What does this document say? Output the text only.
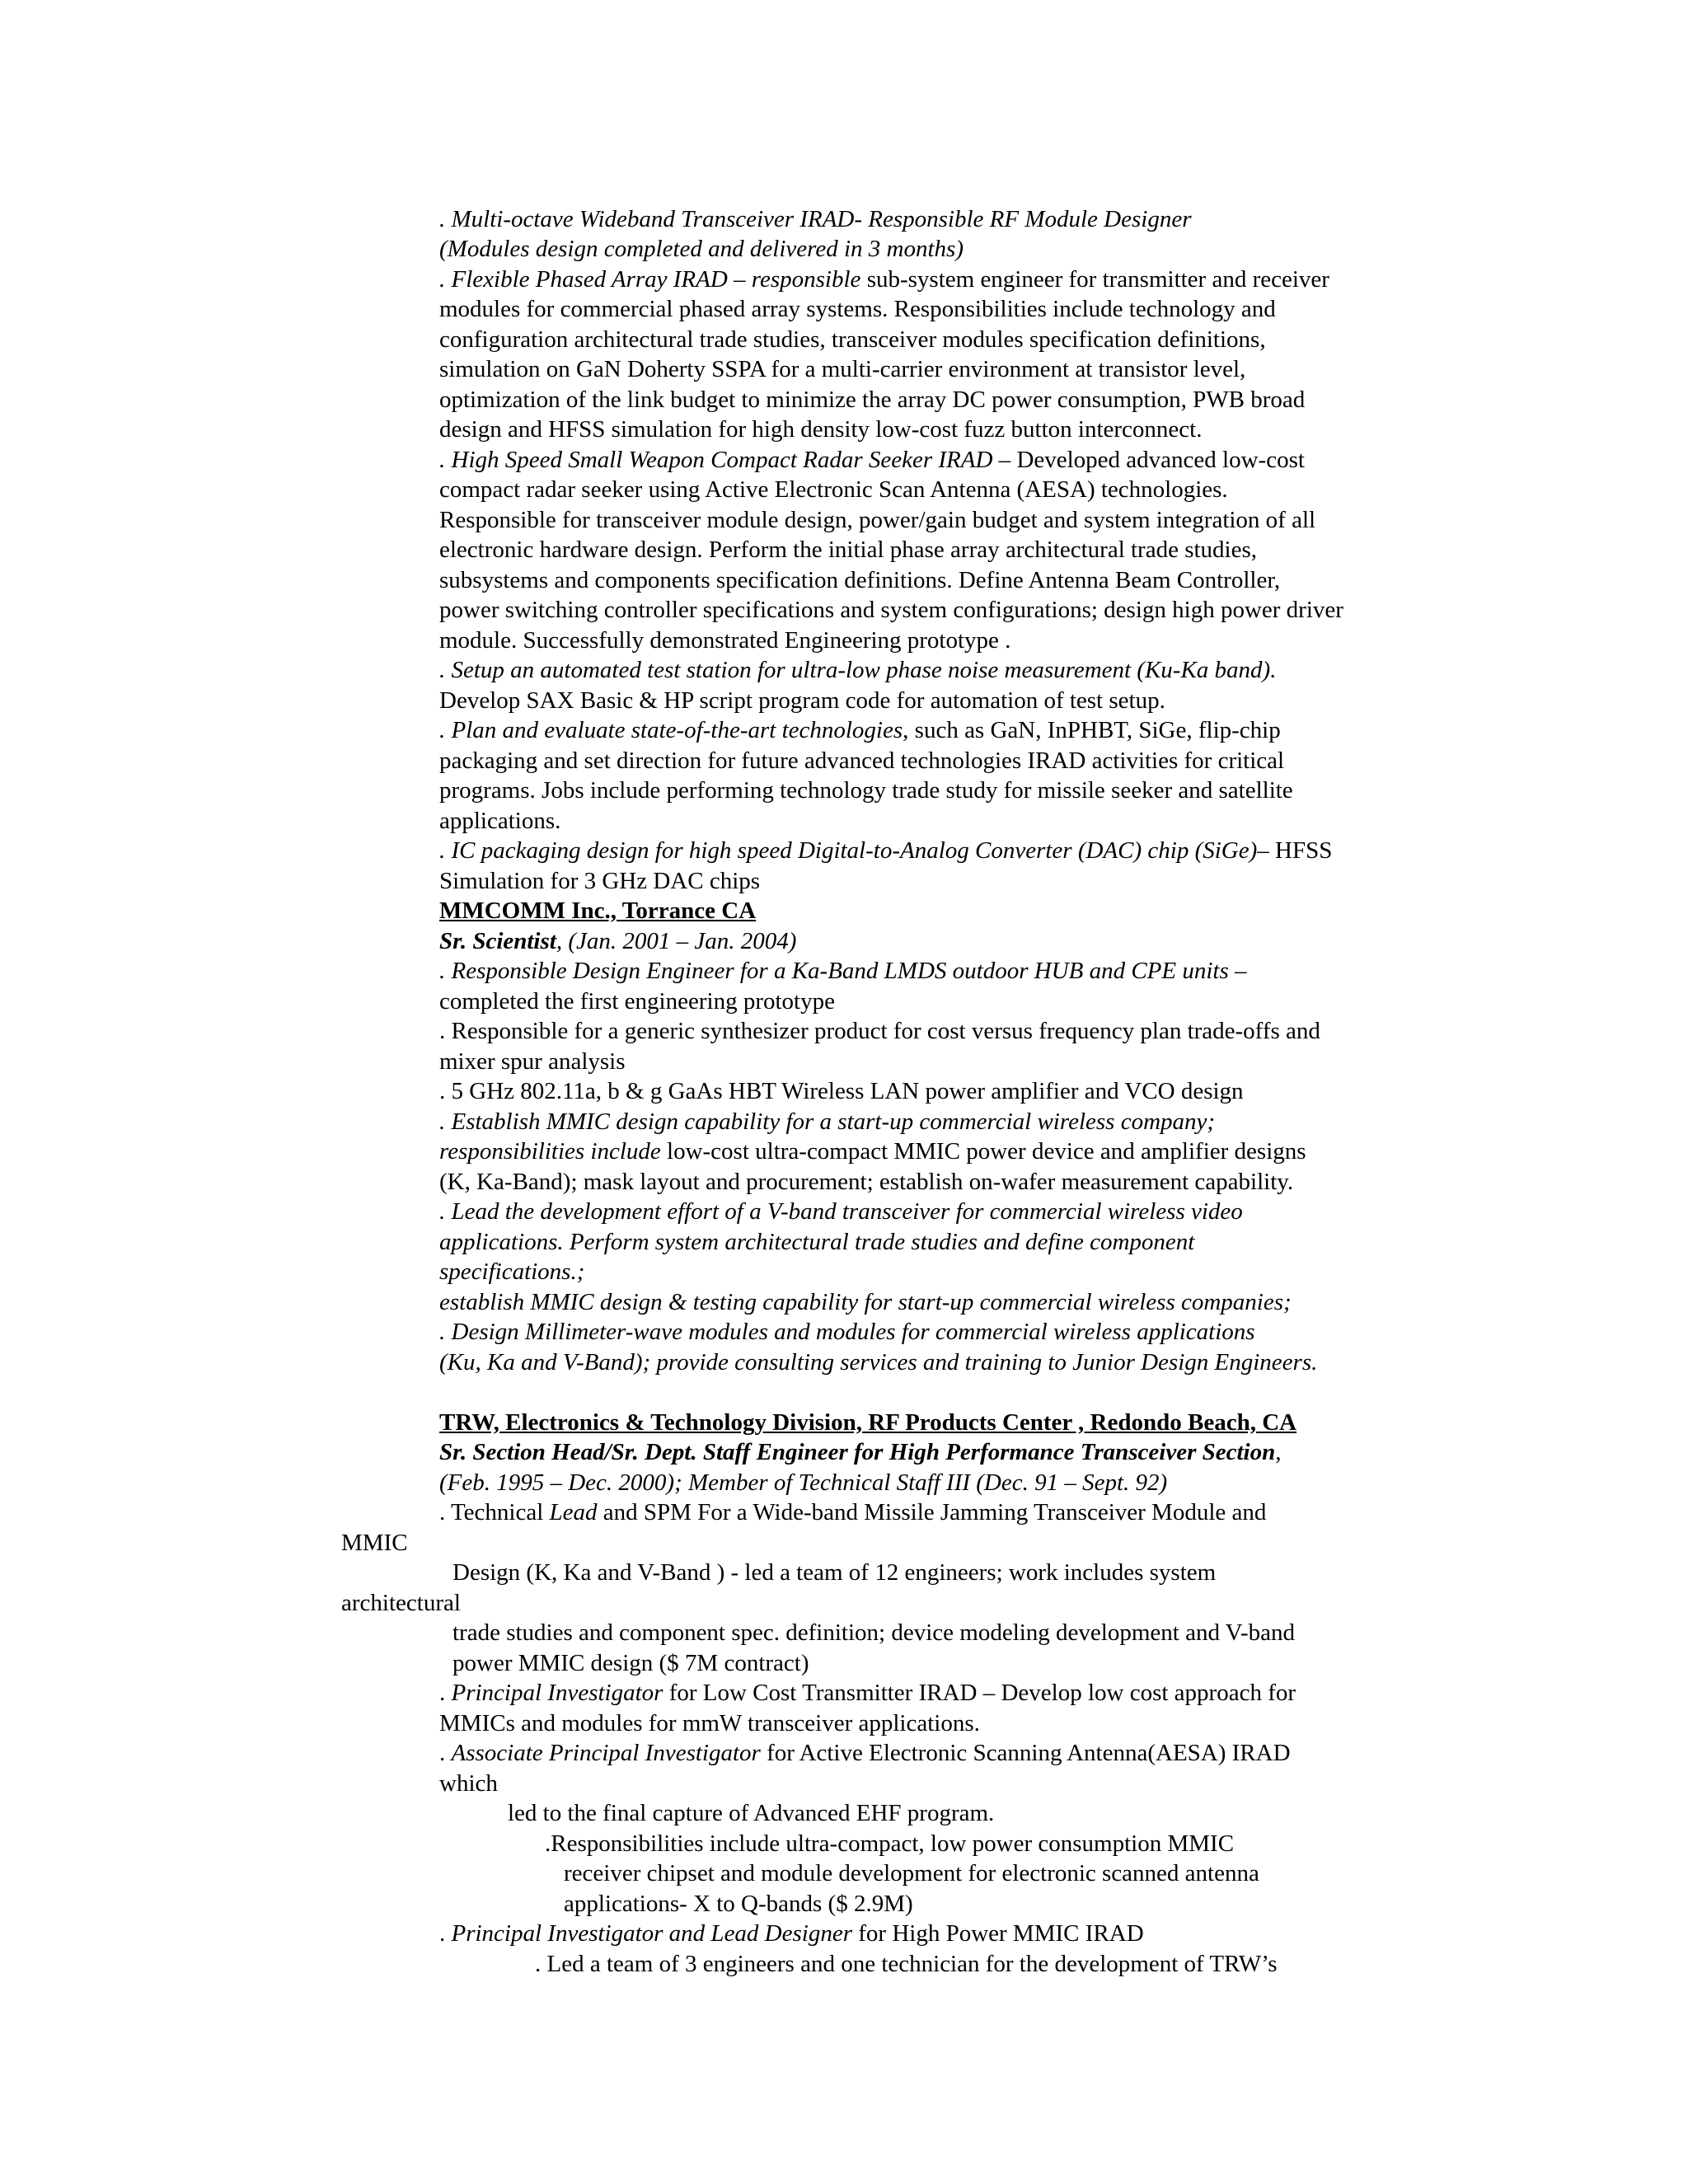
. Multi-octave Wideband Transceiver IRAD- Responsible RF Module Designer
(Modules design completed and delivered in 3 months)
. Flexible Phased Array IRAD – responsible sub-system engineer for transmitter and receiver
modules for commercial phased array systems. Responsibilities include technology and
configuration architectural trade studies, transceiver modules specification definitions,
simulation on GaN Doherty SSPA for a multi-carrier environment at transistor level,
optimization of the link budget to minimize the array DC power consumption, PWB broad
design and HFSS simulation for high density low-cost fuzz button interconnect.
. High Speed Small Weapon Compact Radar Seeker IRAD – Developed advanced low-cost
compact radar seeker using Active Electronic Scan Antenna (AESA) technologies.
Responsible for transceiver module design, power/gain budget and system integration of all
electronic hardware design. Perform the initial phase array architectural trade studies,
subsystems and components specification definitions. Define Antenna Beam Controller,
power switching controller specifications and system configurations; design high power driver
module. Successfully demonstrated Engineering prototype .
. Setup an automated test station for ultra-low phase noise measurement (Ku-Ka band).
Develop SAX Basic & HP script program code for automation of test setup.
. Plan and evaluate state-of-the-art technologies, such as GaN, InPHBT, SiGe, flip-chip
packaging and set direction for future advanced technologies IRAD activities for critical
programs. Jobs include performing technology trade study for missile seeker and satellite
applications.
. IC packaging design for high speed Digital-to-Analog Converter (DAC) chip (SiGe)– HFSS
Simulation for 3 GHz DAC chips
MMCOMM Inc., Torrance CA
Sr. Scientist, (Jan. 2001 – Jan. 2004)
. Responsible Design Engineer for a Ka-Band LMDS outdoor HUB and CPE units –
completed the first engineering prototype
. Responsible for a generic synthesizer product for cost versus frequency plan trade-offs and
mixer spur analysis
. 5 GHz 802.11a, b & g GaAs HBT Wireless LAN power amplifier and VCO design
. Establish MMIC design capability for a start-up commercial wireless company;
responsibilities include low-cost ultra-compact MMIC power device and amplifier designs
(K, Ka-Band); mask layout and procurement; establish on-wafer measurement capability.
. Lead the development effort of a V-band transceiver for commercial wireless video
applications. Perform system architectural trade studies and define component
specifications.;
establish MMIC design & testing capability for start-up commercial wireless companies;
. Design Millimeter-wave modules and modules for commercial wireless applications
(Ku, Ka and V-Band); provide consulting services and training to Junior Design Engineers.
TRW, Electronics & Technology Division, RF Products Center , Redondo Beach, CA
Sr. Section Head/Sr. Dept. Staff Engineer for High Performance Transceiver Section,
(Feb. 1995 – Dec. 2000); Member of Technical Staff III (Dec. 91 – Sept. 92)
. Technical Lead and SPM For a Wide-band Missile Jamming Transceiver Module and
MMIC
Design (K, Ka and V-Band ) - led a team of 12 engineers; work includes system
architectural
trade studies and component spec. definition; device modeling development and V-band
power MMIC design ($ 7M contract)
. Principal Investigator for Low Cost Transmitter IRAD – Develop low cost approach for
MMICs and modules for mmW transceiver applications.
. Associate Principal Investigator for Active Electronic Scanning Antenna(AESA) IRAD
which
led to the final capture of Advanced EHF program.
.Responsibilities include ultra-compact, low power consumption MMIC
receiver chipset and module development for electronic scanned antenna
applications- X to Q-bands ($ 2.9M)
. Principal Investigator and Lead Designer for High Power MMIC IRAD
. Led a team of 3 engineers and one technician for the development of TRW’s
